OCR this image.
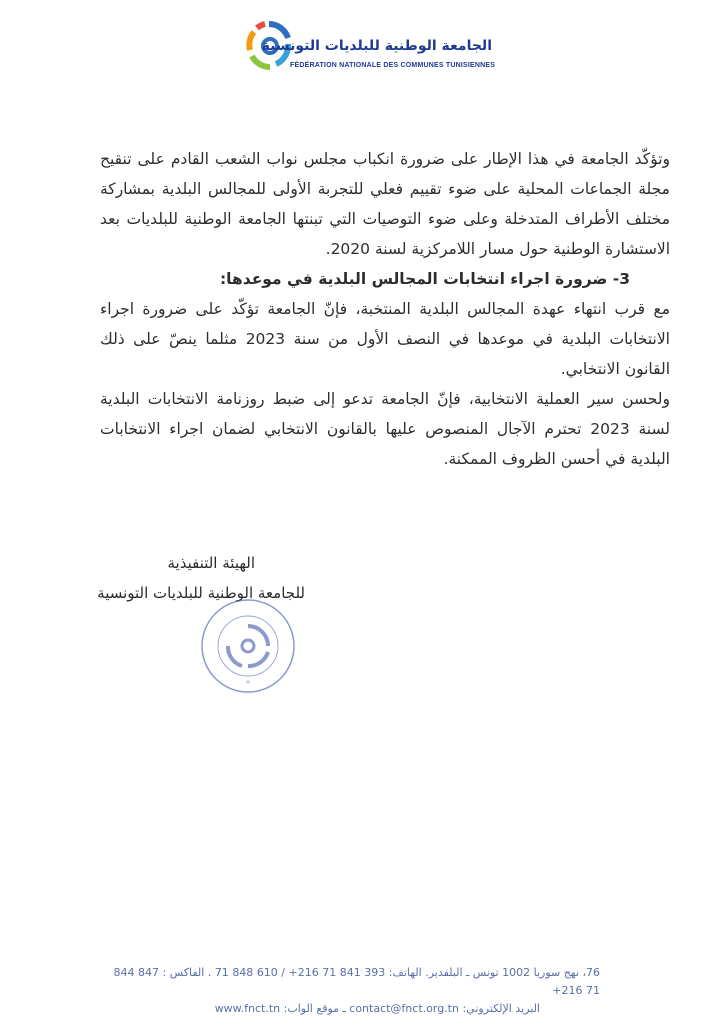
الجامعة الوطنية للبلديات التونسية
FÉDÉRATION NATIONALE DES COMMUNES TUNISIENNES

وتؤكّد الجامعة في هذا الإطار على ضرورة انكباب مجلس نواب الشعب القادم على تنقيح مجلة الجماعات المحلية على ضوء تقييم فعلي للتجربة الأولى للمجالس البلدية بمشاركة مختلف الأطراف المتدخلة وعلى ضوء التوصيات التي تبنتها الجامعة الوطنية للبلديات بعد الاستشارة الوطنية حول مسار اللامركزية لسنة 2020.

3- ضرورة اجراء انتخابات المجالس البلدية في موعدها:

مع قرب انتهاء عهدة المجالس البلدية المنتخبة، فإنّ الجامعة تؤكّد على ضرورة اجراء الانتخابات البلدية في موعدها في النصف الأول من سنة 2023 مثلما ينصّ على ذلك القانون الانتخابي.

ولحسن سير العملية الانتخابية، فإنّ الجامعة تدعو إلى ضبط روزنامة الانتخابات البلدية لسنة 2023 تحترم الآجال المنصوص عليها بالقانون الانتخابي لضمان اجراء الانتخابات البلدية في أحسن الظروف الممكنة.

الهيئة التنفيذية
للجامعة الوطنية للبلديات التونسية
*
76، نهج سوريا 1002 تونس ـ البلفدير. الهاتف: 393 841 71 216+ / 610 848 71 . الفاكس : 847 844 71 216+
البريد الإلكتروني: contact@fnct.org.tn ـ موقع الواب: www.fnct.tn
